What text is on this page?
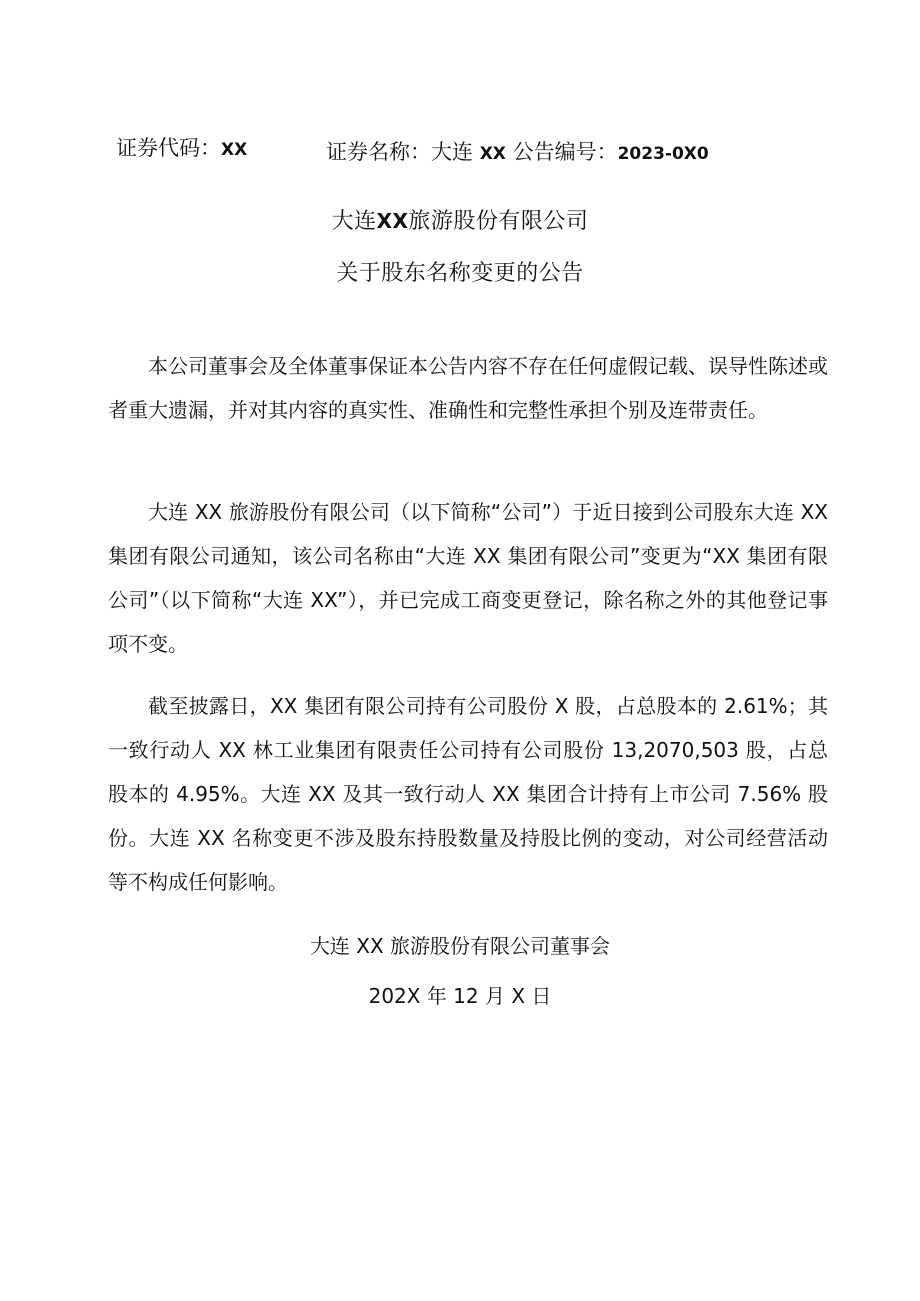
证券代码：XX	证券名称：大连 XX 公告编号：2023-0X0
大连XX旅游股份有限公司
关于股东名称变更的公告

本公司董事会及全体董事保证本公告内容不存在任何虚假记载、误导性陈述或者重大遗漏，并对其内容的真实性、准确性和完整性承担个别及连带责任。

大连 XX 旅游股份有限公司（以下简称“公司”）于近日接到公司股东大连 XX 集团有限公司通知，该公司名称由“大连 XX 集团有限公司”变更为“XX 集团有限公司”（以下简称“大连 XX”），并已完成工商变更登记，除名称之外的其他登记事项不变。

截至披露日，XX 集团有限公司持有公司股份 X 股，占总股本的 2.61%；其一致行动人 XX 林工业集团有限责任公司持有公司股份 13,2070,503 股，占总股本的 4.95%。大连 XX 及其一致行动人 XX 集团合计持有上市公司 7.56% 股份。大连 XX 名称变更不涉及股东持股数量及持股比例的变动，对公司经营活动等不构成任何影响。

大连 XX 旅游股份有限公司董事会
202X 年 12 月 X 日
